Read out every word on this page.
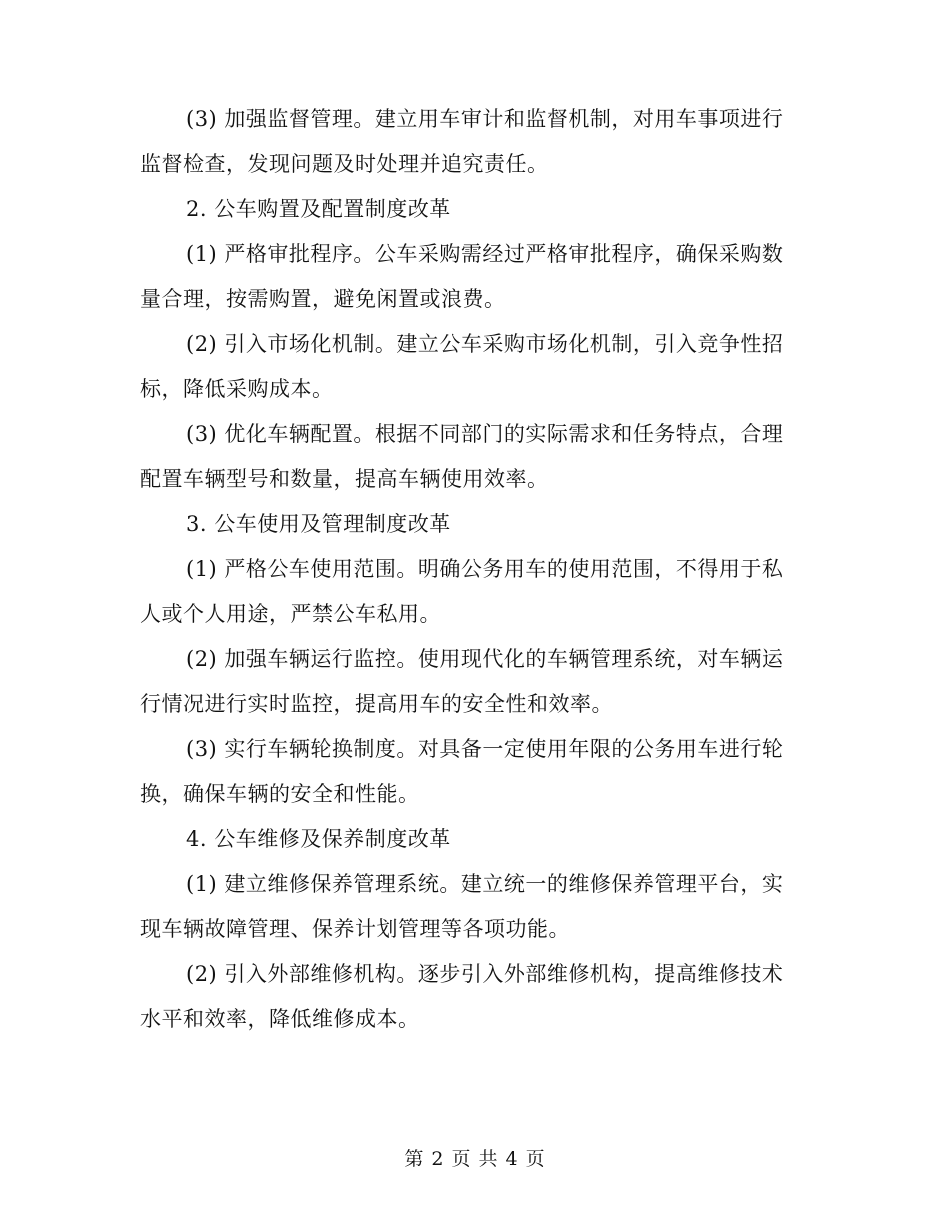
(3) 加强监督管理。建立用车审计和监督机制，对用车事项进行监督检查，发现问题及时处理并追究责任。

2. 公车购置及配置制度改革

(1) 严格审批程序。公车采购需经过严格审批程序，确保采购数量合理，按需购置，避免闲置或浪费。

(2) 引入市场化机制。建立公车采购市场化机制，引入竞争性招标，降低采购成本。

(3) 优化车辆配置。根据不同部门的实际需求和任务特点，合理配置车辆型号和数量，提高车辆使用效率。

3. 公车使用及管理制度改革

(1) 严格公车使用范围。明确公务用车的使用范围，不得用于私人或个人用途，严禁公车私用。

(2) 加强车辆运行监控。使用现代化的车辆管理系统，对车辆运行情况进行实时监控，提高用车的安全性和效率。

(3) 实行车辆轮换制度。对具备一定使用年限的公务用车进行轮换，确保车辆的安全和性能。

4. 公车维修及保养制度改革

(1) 建立维修保养管理系统。建立统一的维修保养管理平台，实现车辆故障管理、保养计划管理等各项功能。

(2) 引入外部维修机构。逐步引入外部维修机构，提高维修技术水平和效率，降低维修成本。

第 2 页 共 4 页
